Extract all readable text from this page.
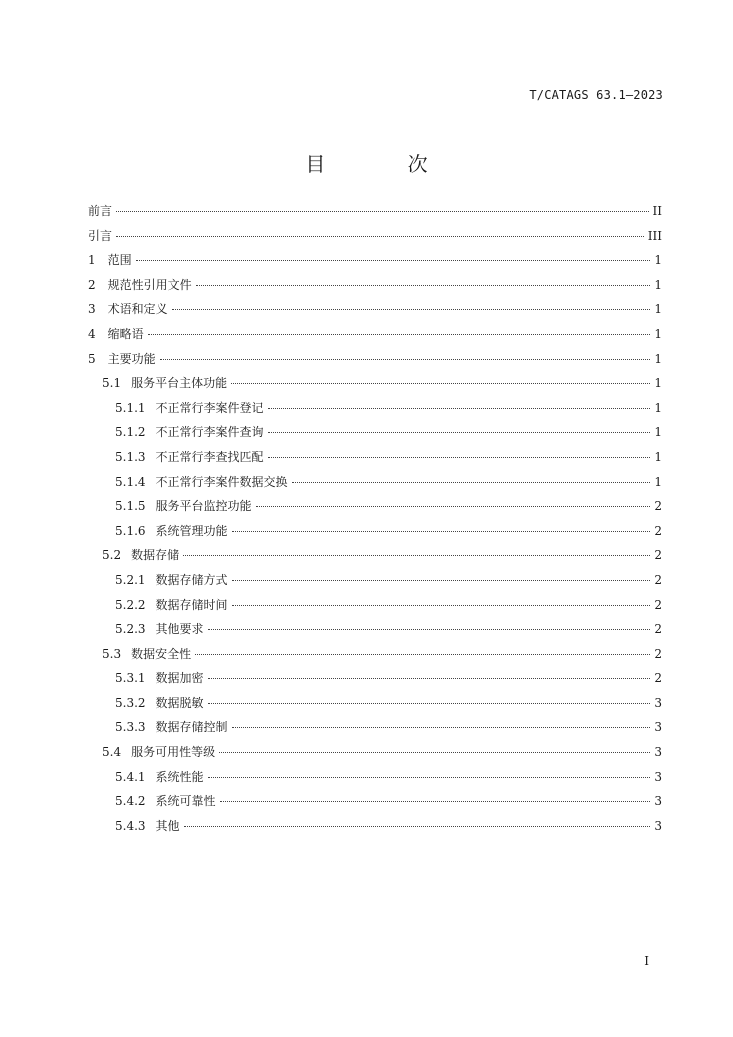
T/CATAGS 63.1—2023
目 次
前言	II
引言	III
1 范围	1
2 规范性引用文件	1
3 术语和定义	1
4 缩略语	1
5 主要功能	1
5.1 服务平台主体功能	1
5.1.1 不正常行李案件登记	1
5.1.2 不正常行李案件查询	1
5.1.3 不正常行李查找匹配	1
5.1.4 不正常行李案件数据交换	1
5.1.5 服务平台监控功能	2
5.1.6 系统管理功能	2
5.2 数据存储	2
5.2.1 数据存储方式	2
5.2.2 数据存储时间	2
5.2.3 其他要求	2
5.3 数据安全性	2
5.3.1 数据加密	2
5.3.2 数据脱敏	3
5.3.3 数据存储控制	3
5.4 服务可用性等级	3
5.4.1 系统性能	3
5.4.2 系统可靠性	3
5.4.3 其他	3
I
